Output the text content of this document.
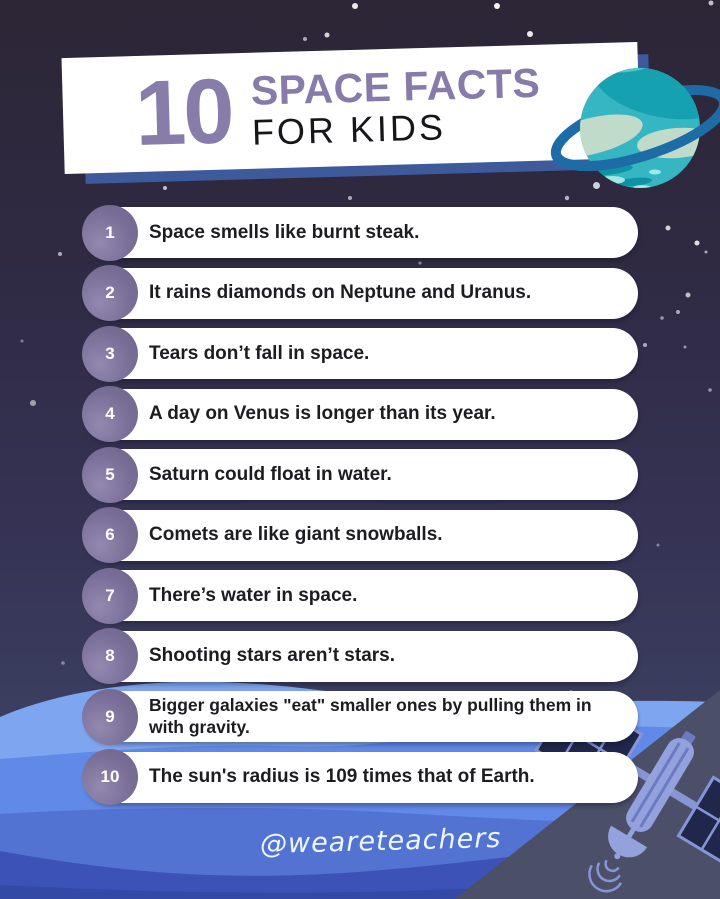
10 SPACE FACTS
FOR KIDS
1	Space smells like burnt steak.
2	It rains diamonds on Neptune and Uranus.
3	Tears don’t fall in space.
4	A day on Venus is longer than its year.
5	Saturn could float in water.
6	Comets are like giant snowballs.
7	There’s water in space.
8	Shooting stars aren’t stars.
9
Bigger galaxies "eat" smaller ones by pulling them in with gravity.
10	The sun's radius is 109 times that of Earth.
@weareteachers
